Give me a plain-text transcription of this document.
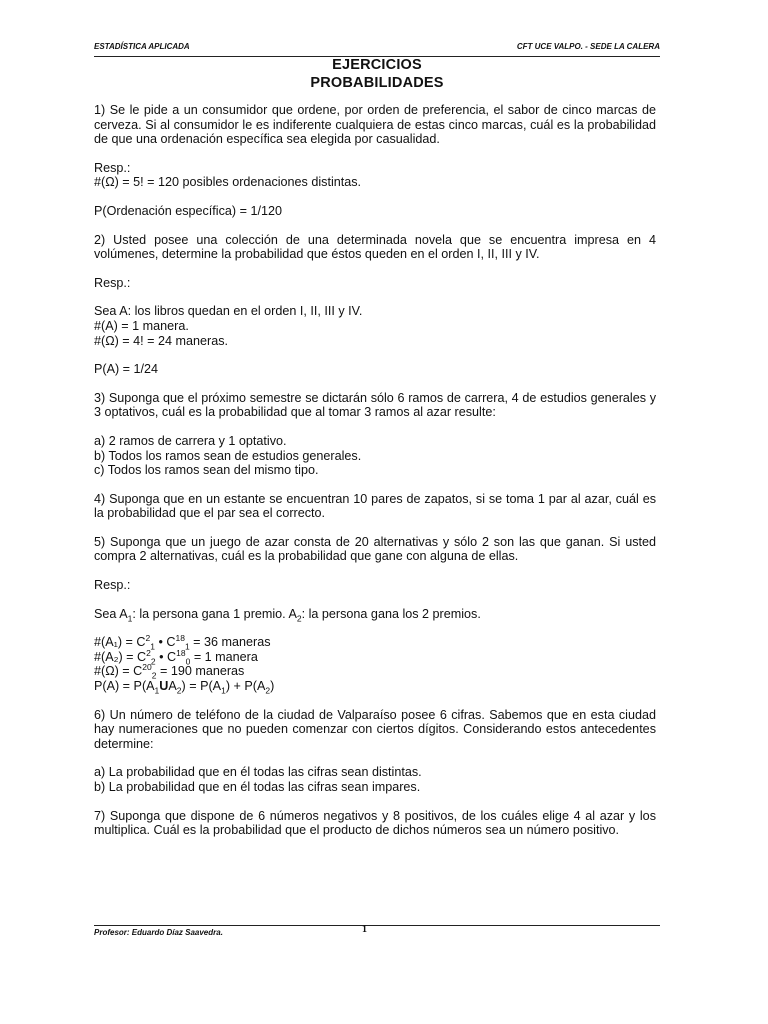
ESTADÍSTICA APLICADA	CFT UCE VALPO. - SEDE LA CALERA
EJERCICIOS
PROBABILIDADES

1) Se le pide a un consumidor que ordene, por orden de preferencia, el sabor de cinco marcas de cerveza. Si al consumidor le es indiferente cualquiera de estas cinco marcas, cuál es la probabilidad de que una ordenación específica sea elegida por casualidad.

Resp.:

#(Ω) = 5! = 120 posibles ordenaciones distintas.

P(Ordenación específica) = 1/120

2) Usted posee una colección de una determinada novela que se encuentra impresa en 4 volúmenes, determine la probabilidad que éstos queden en el orden I, II, III y IV.

Resp.:

Sea A: los libros quedan en el orden I, II, III y IV.

#(A) = 1 manera.

#(Ω) = 4! = 24 maneras.

P(A) = 1/24

3) Suponga que el próximo semestre se dictarán sólo 6 ramos de carrera, 4 de estudios generales y 3 optativos, cuál es la probabilidad que al tomar 3 ramos al azar resulte:

a) 2 ramos de carrera y 1 optativo.

b) Todos los ramos sean de estudios generales.

c) Todos los ramos sean del mismo tipo.

4) Suponga que en un estante se encuentran 10 pares de zapatos, si se toma 1 par al azar, cuál es la probabilidad que el par sea el correcto.

5) Suponga que un juego de azar consta de 20 alternativas y sólo 2 son las que ganan. Si usted compra 2 alternativas, cuál es la probabilidad que gane con alguna de ellas.

Resp.:

Sea $A_1$: la persona gana 1 premio. $A_2$: la persona gana los 2 premios.

#(A₁) = $C^2_1$ • $C^{18}_1 = 36$ maneras

#(A₂) = $C^2_2$ • $C^{18}_0 = 1$ manera

#(Ω) = $C^{20}_2 = 190$ maneras

$P(A) = P(A_1UA_2) = P(A_1) + P(A_2)$

6) Un número de teléfono de la ciudad de Valparaíso posee 6 cifras. Sabemos que en esta ciudad hay numeraciones que no pueden comenzar con ciertos dígitos. Considerando estos antecedentes determine:

a) La probabilidad que en él todas las cifras sean distintas.

b) La probabilidad que en él todas las cifras sean impares.

7) Suponga que dispone de 6 números negativos y 8 positivos, de los cuáles elige 4 al azar y los multiplica. Cuál es la probabilidad que el producto de dichos números sea un número positivo.

Profesor: Eduardo Díaz Saavedra.	1
